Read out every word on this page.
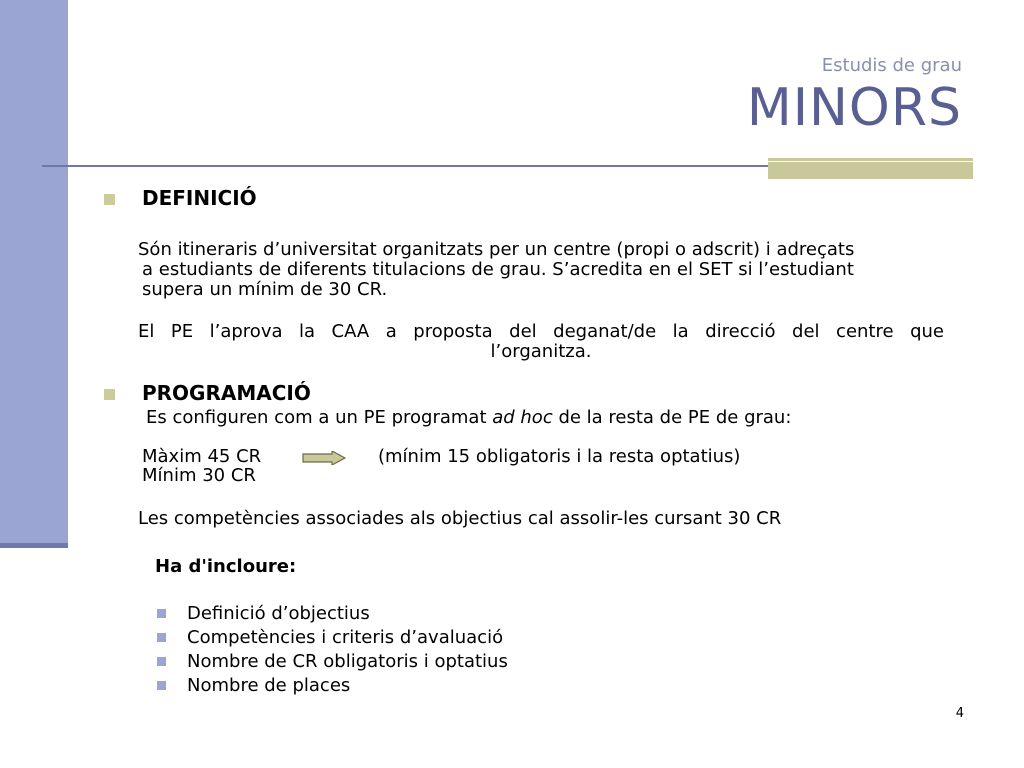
Estudis de grau
MINORS
DEFINICIÓ
Són itineraris d’universitat organitzats per un centre (propi o adscrit) i adreçats
a estudiants de diferents titulacions de grau. S’acredita en el SET si l’estudiant
supera un mínim de 30 CR.
El PE l’aprova la CAA a proposta del deganat/de la direcció del centre que
l’organitza.
PROGRAMACIÓ
Es configuren com a un PE programat ad hoc de la resta de PE de grau:
Màxim 45 CR	(mínim 15 obligatoris i la resta optatius)
Mínim 30 CR
Les competències associades als objectius cal assolir-les cursant 30 CR
Ha d'incloure:
Definició d’objectius
Competències i criteris d’avaluació
Nombre de CR obligatoris i optatius
Nombre de places
4
